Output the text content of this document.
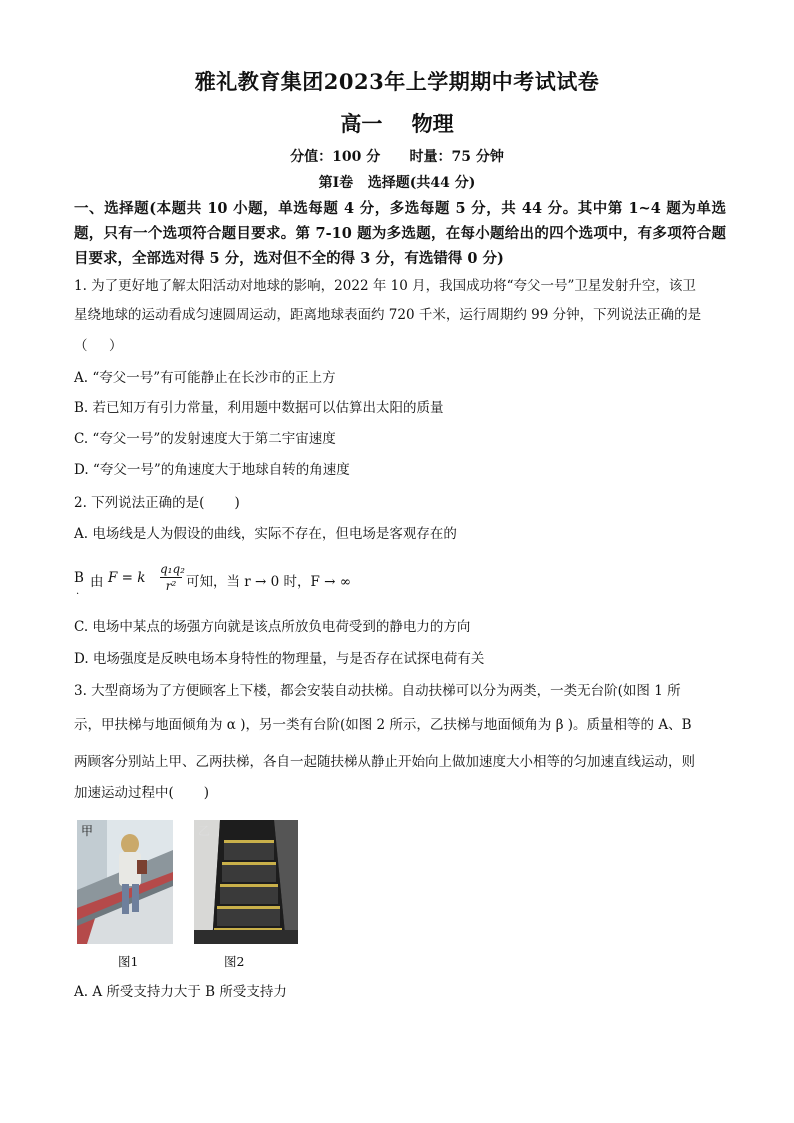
雅礼教育集团2023年上学期期中考试试卷
高一    物理
分值：100 分      时量：75 分钟
第Ⅰ卷   选择题(共44 分)
一、选择题(本题共 10 小题，单选每题 4 分，多选每题 5 分，共 44 分。其中第 1~4 题为单选题，只有一个选项符合题目要求。第 7-10 题为多选题，在每小题给出的四个选项中，有多项符合题目要求，全部选对得 5 分，选对但不全的得 3 分，有选错得 0 分)
1. 为了更好地了解太阳活动对地球的影响，2022 年 10 月，我国成功将“夸父一号”卫星发射升空，该卫
星绕地球的运动看成匀速圆周运动，距离地球表面约 720 千米，运行周期约 99 分钟，下列说法正确的是
（     ）
A. “夸父一号”有可能静止在长沙市的正上方
B. 若已知万有引力常量，利用题中数据可以估算出太阳的质量
C. “夸父一号”的发射速度大于第二宇宙速度
D. “夸父一号”的角速度大于地球自转的角速度
2. 下列说法正确的是(       )
A. 电场线是人为假设的曲线，实际不存在，但电场是客观存在的
B
.
由 F = k $\frac{\text{q₁q₂}}{\text{r²}}$ 可知，当 r → 0 时，F → ∞
C. 电场中某点的场强方向就是该点所放负电荷受到的静电力的方向
D. 电场强度是反映电场本身特性的物理量，与是否存在试探电荷有关
3. 大型商场为了方便顾客上下楼，都会安装自动扶梯。自动扶梯可以分为两类，一类无台阶(如图 1 所
示，甲扶梯与地面倾角为 α )，另一类有台阶(如图 2 所示，乙扶梯与地面倾角为 β )。质量相等的 A、B
两顾客分别站上甲、乙两扶梯，各自一起随扶梯从静止开始向上做加速度大小相等的匀加速直线运动，则
加速运动过程中(       )
甲	乙
图1	图2
A. A 所受支持力大于 B 所受支持力
